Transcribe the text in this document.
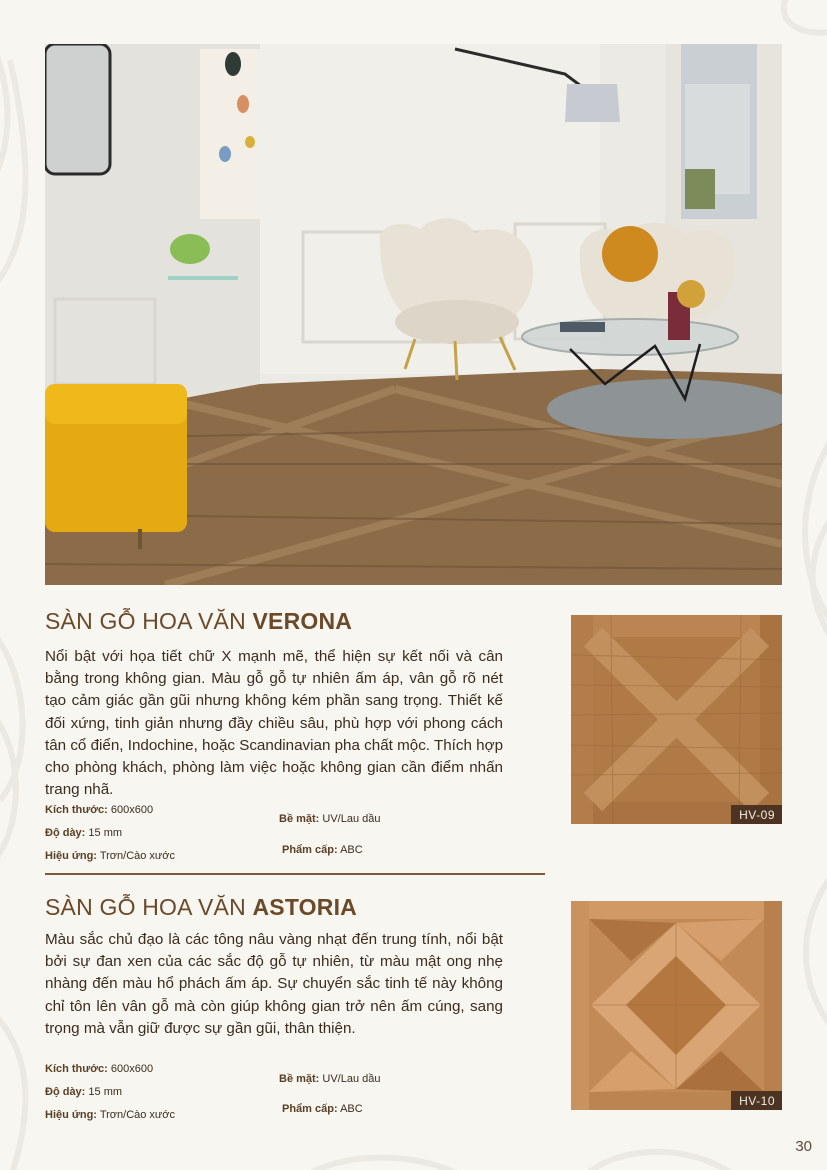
SÀN GỖ HOA VĂN VERONA

Nổi bật với họa tiết chữ X mạnh mẽ, thể hiện sự kết nối và cân bằng trong không gian. Màu gỗ gỗ tự nhiên ấm áp, vân gỗ rõ nét tạo cảm giác gần gũi nhưng không kém phần sang trọng. Thiết kế đối xứng, tinh giản nhưng đầy chiều sâu, phù hợp với phong cách tân cổ điển, Indochine, hoặc Scandinavian pha chất mộc. Thích hợp cho phòng khách, phòng làm việc hoặc không gian cần điểm nhấn trang nhã.

Kích thước: 600x600
Độ dày: 15 mm
Hiệu ứng: Trơn/Cào xước
Bề mặt: UV/Lau dầu
Phẩm cấp: ABC
HV-09
SÀN GỖ HOA VĂN ASTORIA

Màu sắc chủ đạo là các tông nâu vàng nhạt đến trung tính, nổi bật bởi sự đan xen của các sắc độ gỗ tự nhiên, từ màu mật ong nhẹ nhàng đến màu hổ phách ấm áp. Sự chuyển sắc tinh tế này không chỉ tôn lên vân gỗ mà còn giúp không gian trở nên ấm cúng, sang trọng mà vẫn giữ được sự gần gũi, thân thiện.

Kích thước: 600x600
Độ dày: 15 mm
Hiệu ứng: Trơn/Cào xước
Bề mặt: UV/Lau dầu
Phẩm cấp: ABC
HV-10
30
